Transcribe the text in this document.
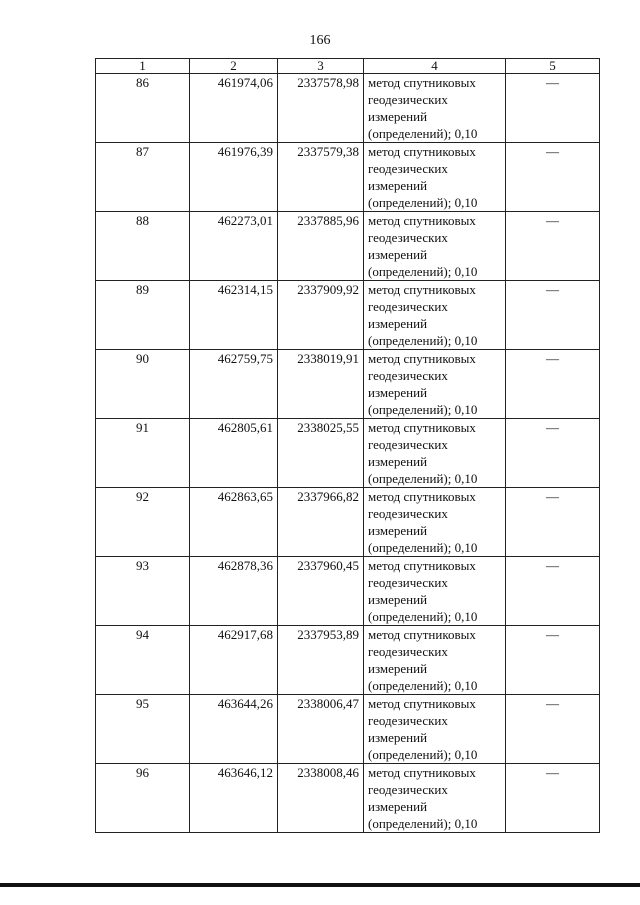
166
1	2	3	4	5
86	461974,06	2337578,98	метод спутниковых геодезических измерений (определений); 0,10	—
87	461976,39	2337579,38	метод спутниковых геодезических измерений (определений); 0,10	—
88	462273,01	2337885,96	метод спутниковых геодезических измерений (определений); 0,10	—
89	462314,15	2337909,92	метод спутниковых геодезических измерений (определений); 0,10	—
90	462759,75	2338019,91	метод спутниковых геодезических измерений (определений); 0,10	—
91	462805,61	2338025,55	метод спутниковых геодезических измерений (определений); 0,10	—
92	462863,65	2337966,82	метод спутниковых геодезических измерений (определений); 0,10	—
93	462878,36	2337960,45	метод спутниковых геодезических измерений (определений); 0,10	—
94	462917,68	2337953,89	метод спутниковых геодезических измерений (определений); 0,10	—
95	463644,26	2338006,47	метод спутниковых геодезических измерений (определений); 0,10	—
96	463646,12	2338008,46	метод спутниковых геодезических измерений (определений); 0,10	—
